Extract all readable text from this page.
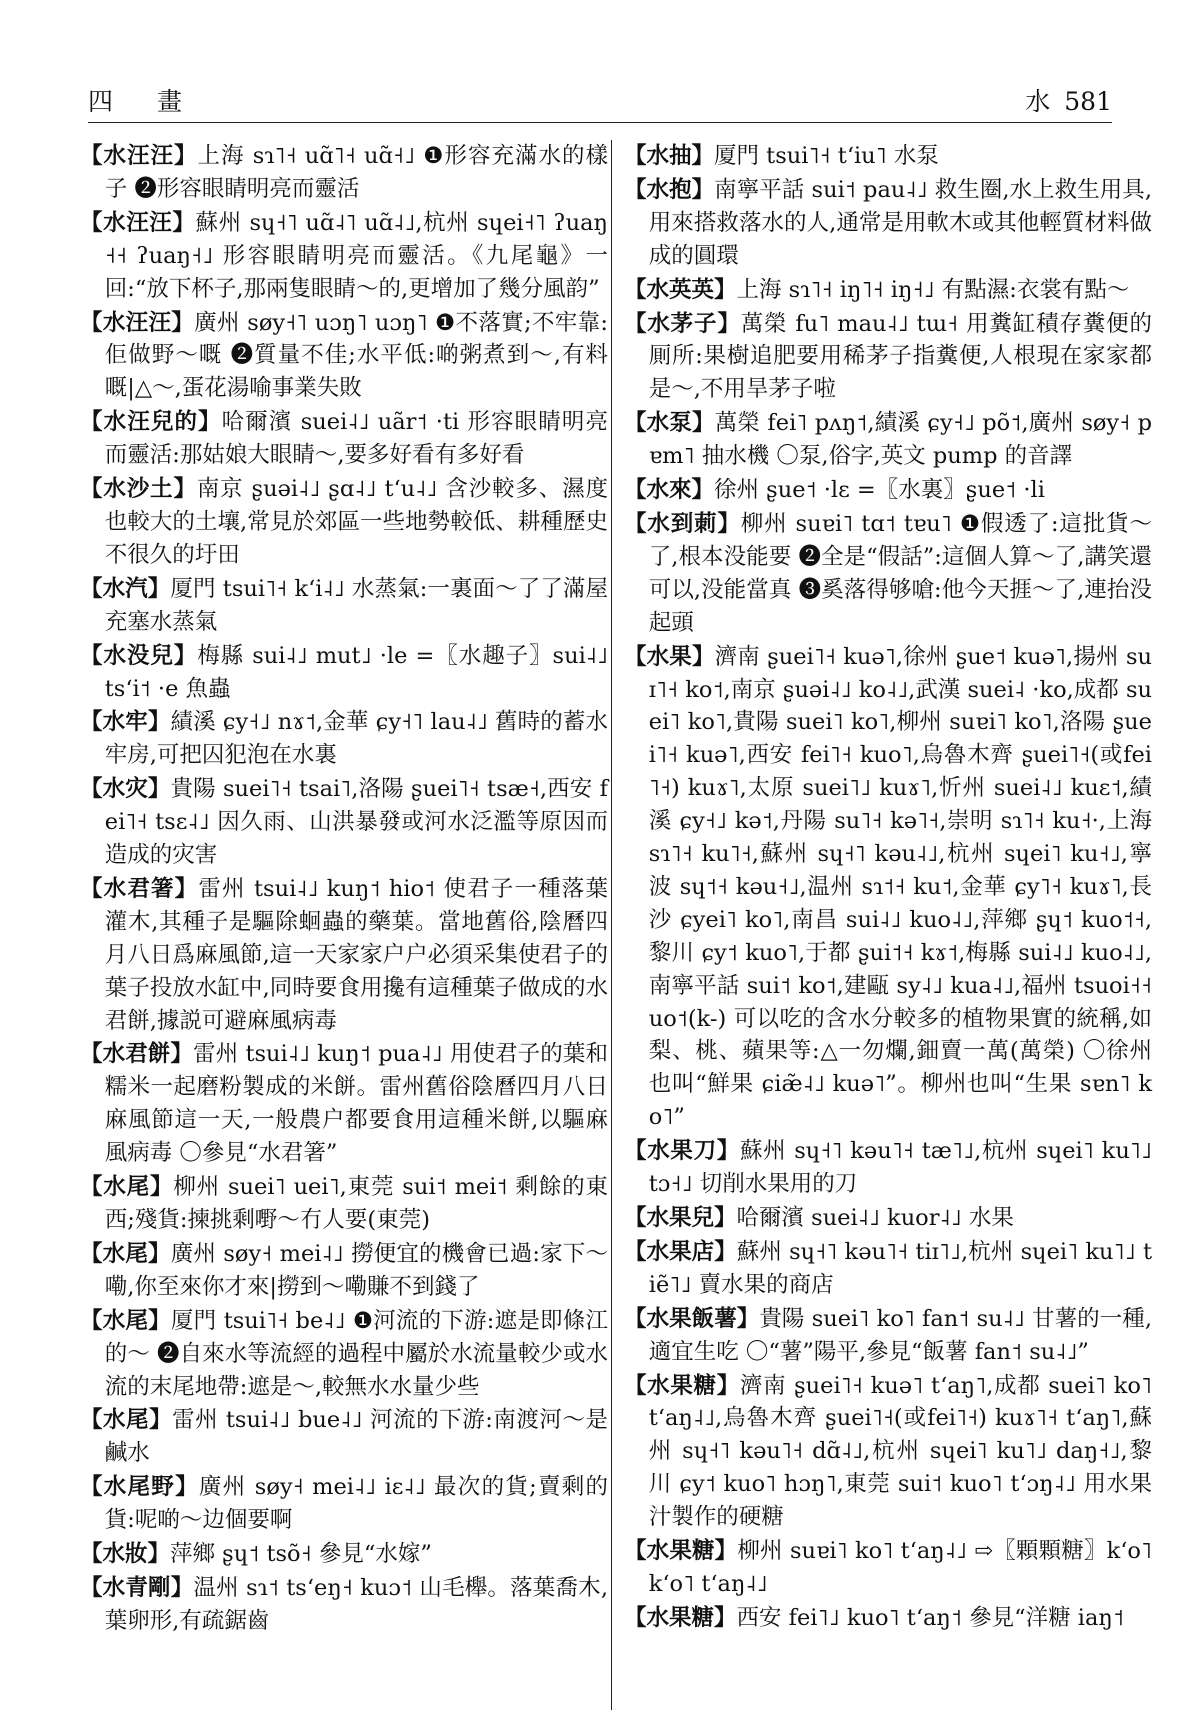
四 畫	水 581

【水汪汪】上海 sɿ˥˧ uɑ̃˥˧ uɑ̃˧˩ ❶形容充滿水的樣子 ❷形容眼睛明亮而靈活

【水汪汪】蘇州 sɥ˧˥ uɑ̃˨˥ uɑ̃˨˩,杭州 sɥei˧˥ ʔuaŋ˧˧ ʔuaŋ˧˩ 形容眼睛明亮而靈活。《九尾龜》一回:“放下杯子,那兩隻眼睛～的,更增加了幾分風韵”

【水汪汪】廣州 søy˧˥ uɔŋ˥ uɔŋ˥ ❶不落實;不牢靠:佢做野～嘅 ❷質量不佳;水平低:啲粥煮到～,有料嘅|△～,蛋花湯喻事業失敗

【水汪兒的】哈爾濱 suei˨˩ uãr˦ ·ti 形容眼睛明亮而靈活:那姑娘大眼睛～,要多好看有多好看

【水沙土】南京 ʂuəi˨˩ ʂɑ˨˩ tʻu˨˩ 含沙較多、濕度也較大的土壤,常見於郊區一些地勢較低、耕種歷史不很久的圩田

【水汽】厦門 tsui˥˧ kʻi˨˩ 水蒸氣:一裏面～了了滿屋充塞水蒸氣

【水没兒】梅縣 sui˨˩ mut˩ ·le =〖水趣子〗sui˨˩ tsʻi˦ ·e 魚蟲

【水牢】績溪 ɕy˧˩ nɤ˦,金華 ɕy˧˥ lau˨˩ 舊時的蓄水牢房,可把囚犯泡在水裏

【水灾】貴陽 suei˥˧ tsai˥,洛陽 ʂuei˥˧ tsæ˧,西安 fei˥˧ tsɛ˨˩ 因久雨、山洪暴發或河水泛濫等原因而造成的灾害

【水君箸】雷州 tsui˨˩ kuŋ˦ hio˦ 使君子一種落葉灌木,其種子是驅除蛔蟲的藥葉。當地舊俗,陰曆四月八日爲麻風節,這一天家家户户必須采集使君子的葉子投放水缸中,同時要食用攙有這種葉子做成的水君餅,據説可避麻風病毒

【水君餅】雷州 tsui˨˩ kuŋ˦ pua˨˩ 用使君子的葉和糯米一起磨粉製成的米餅。雷州舊俗陰曆四月八日麻風節這一天,一般農户都要食用這種米餅,以驅麻風病毒 〇參見“水君箸”

【水尾】柳州 suei˥ uei˥,東莞 sui˦ mei˦ 剩餘的東西;殘貨:揀挑剩嘢～冇人要(東莞)

【水尾】廣州 søy˧ mei˨˩ 撈便宜的機會已過:家下～嘞,你至來你才來|撈到～嘞賺不到錢了

【水尾】厦門 tsui˥˧ be˨˩ ❶河流的下游:遮是即條江的～ ❷自來水等流經的過程中屬於水流量較少或水流的末尾地帶:遮是～,較無水水量少些

【水尾】雷州 tsui˨˩ bue˨˩ 河流的下游:南渡河～是鹹水

【水尾野】廣州 søy˧ mei˨˩ iɛ˨˩ 最次的貨;賣剩的貨:呢啲～边個要啊

【水妝】萍鄉 ʂɥ˦ tsõ˧ 參見“水嫁”

【水青剛】温州 sɿ˦ tsʻeŋ˧ kuɔ˦ 山毛櫸。落葉喬木,葉卵形,有疏鋸齒

【水抽】厦門 tsui˥˧ tʻiu˥ 水泵

【水抱】南寧平話 sui˦ pau˨˩ 救生圈,水上救生用具,用來搭救落水的人,通常是用軟木或其他輕質材料做成的圓環

【水英英】上海 sɿ˥˧ iŋ˥˧ iŋ˧˩ 有點濕:衣裳有點～

【水茅子】萬榮 fu˥ mau˨˩ tɯ˧ 用糞缸積存糞便的厠所:果樹追肥要用稀茅子指糞便,人根現在家家都是～,不用旱茅子啦

【水泵】萬榮 fei˥ pʌŋ˦,績溪 ɕy˧˩ põ˦,廣州 søy˧ pɐm˥ 抽水機 〇泵,俗字,英文 pump 的音譯

【水來】徐州 ʂue˦ ·lɛ =〖水裏〗ʂue˦ ·li

【水到莿】柳州 suɐi˥ tɑ˦ tɐu˥ ❶假透了:這批貨～了,根本没能要 ❷全是“假話”:這個人算～了,講笑還可以,没能當真 ❸奚落得够嗆:他今天捱～了,連抬没起頭

【水果】濟南 ʂuei˥˧ kuə˥,徐州 ʂue˦ kuə˥,揚州 suɪ˥˧ ko˦,南京 ʂuəi˨˩ ko˨˩,武漢 suei˨ ·ko,成都 suei˥ ko˥,貴陽 suei˥ ko˥,柳州 suɐi˥ ko˥,洛陽 ʂuei˥˧ kuə˥,西安 fei˥˧ kuo˥,烏魯木齊 ʂuei˥˧(或fei˥˧) kuɤ˥,太原 suei˥˩ kuɤ˥,忻州 suei˨˩ kuɛ˦,績溪 ɕy˧˩ kə˦,丹陽 su˥˧ kə˥˧,崇明 sɿ˥˧ ku˧·,上海 sɿ˥˧ ku˥˧,蘇州 sɥ˧˥ kəu˨˩,杭州 sɥei˥ ku˧˩,寧波 sɥ˦˧ kəu˧˩,温州 sɿ˦˧ ku˦,金華 ɕy˥˧ kuɤ˥,長沙 ɕyei˥ ko˥,南昌 sui˨˩ kuo˨˩,萍鄉 ʂɥ˦ kuo˦˧,黎川 ɕy˦ kuo˥,于都 ʂui˦˧ kɤ˦,梅縣 sui˨˩ kuo˨˩,南寧平話 sui˦ ko˦,建甌 sy˨˩ kua˨˩,福州 tsuoi˧˧ uo˦(k-) 可以吃的含水分較多的植物果實的統稱,如梨、桃、蘋果等:△一勿爛,鈿賣一萬(萬榮) 〇徐州也叫“鮮果 ɕiæ̃˨˩ kuə˥”。柳州也叫“生果 sɐn˥ ko˥”

【水果刀】蘇州 sɥ˧˥ kəu˥˧ tæ˥˩,杭州 sɥei˥ ku˥˩ tɔ˧˩ 切削水果用的刀

【水果兒】哈爾濱 suei˨˩ kuor˨˩ 水果

【水果店】蘇州 sɥ˧˥ kəu˥˧ tiɪ˥˩,杭州 sɥei˥ ku˥˩ tiẽ˥˩ 賣水果的商店

【水果飯薯】貴陽 suei˥ ko˥ fan˦ su˨˩ 甘薯的一種,適宜生吃 〇“薯”陽平,參見“飯薯 fan˦ su˨˩”

【水果糖】濟南 ʂuei˥˧ kuə˥ tʻaŋ˥,成都 suei˥ ko˥ tʻaŋ˨˩,烏魯木齊 ʂuei˥˧(或fei˥˧) kuɤ˥˧ tʻaŋ˥,蘇州 sɥ˧˥ kəu˥˧ dɑ̃˨˩,杭州 sɥei˥ ku˥˩ daŋ˧˩,黎川 ɕy˦ kuo˥ hɔŋ˥,東莞 sui˦ kuo˥ tʻɔŋ˨˩ 用水果汁製作的硬糖

【水果糖】柳州 suɐi˥ ko˥ tʻaŋ˨˩ ⇨〖顆顆糖〗kʻo˥ kʻo˥ tʻaŋ˨˩

【水果糖】西安 fei˥˩ kuo˥ tʻaŋ˦ 參見“洋糖 iaŋ˦
